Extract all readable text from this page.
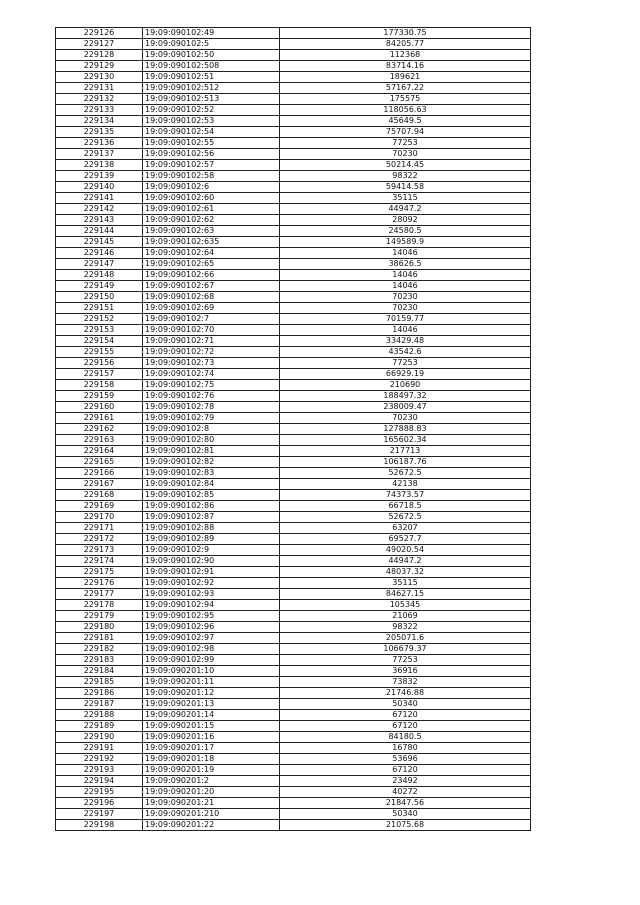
229126	19:09:090102:49	177330.75
229127	19:09:090102:5	84205.77
229128	19:09:090102:50	112368
229129	19:09:090102:508	83714.16
229130	19:09:090102:51	189621
229131	19:09:090102:512	57167.22
229132	19:09:090102:513	175575
229133	19:09:090102:52	118056.63
229134	19:09:090102:53	45649.5
229135	19:09:090102:54	75707.94
229136	19:09:090102:55	77253
229137	19:09:090102:56	70230
229138	19:09:090102:57	50214.45
229139	19:09:090102:58	98322
229140	19:09:090102:6	59414.58
229141	19:09:090102:60	35115
229142	19:09:090102:61	44947.2
229143	19:09:090102:62	28092
229144	19:09:090102:63	24580.5
229145	19:09:090102:635	149589.9
229146	19:09:090102:64	14046
229147	19:09:090102:65	38626.5
229148	19:09:090102:66	14046
229149	19:09:090102:67	14046
229150	19:09:090102:68	70230
229151	19:09:090102:69	70230
229152	19:09:090102:7	70159.77
229153	19:09:090102:70	14046
229154	19:09:090102:71	33429.48
229155	19:09:090102:72	43542.6
229156	19:09:090102:73	77253
229157	19:09:090102:74	66929.19
229158	19:09:090102:75	210690
229159	19:09:090102:76	188497.32
229160	19:09:090102:78	238009.47
229161	19:09:090102:79	70230
229162	19:09:090102:8	127888.83
229163	19:09:090102:80	165602.34
229164	19:09:090102:81	217713
229165	19:09:090102:82	106187.76
229166	19:09:090102:83	52672.5
229167	19:09:090102:84	42138
229168	19:09:090102:85	74373.57
229169	19:09:090102:86	66718.5
229170	19:09:090102:87	52672.5
229171	19:09:090102:88	63207
229172	19:09:090102:89	69527.7
229173	19:09:090102:9	49020.54
229174	19:09:090102:90	44947.2
229175	19:09:090102:91	48037.32
229176	19:09:090102:92	35115
229177	19:09:090102:93	84627.15
229178	19:09:090102:94	105345
229179	19:09:090102:95	21069
229180	19:09:090102:96	98322
229181	19:09:090102:97	205071.6
229182	19:09:090102:98	106679.37
229183	19:09:090102:99	77253
229184	19:09:090201:10	36916
229185	19:09:090201:11	73832
229186	19:09:090201:12	21746.88
229187	19:09:090201:13	50340
229188	19:09:090201:14	67120
229189	19:09:090201:15	67120
229190	19:09:090201:16	84180.5
229191	19:09:090201:17	16780
229192	19:09:090201:18	53696
229193	19:09:090201:19	67120
229194	19:09:090201:2	23492
229195	19:09:090201:20	40272
229196	19:09:090201:21	21847.56
229197	19:09:090201:210	50340
229198	19:09:090201:22	21075.68
